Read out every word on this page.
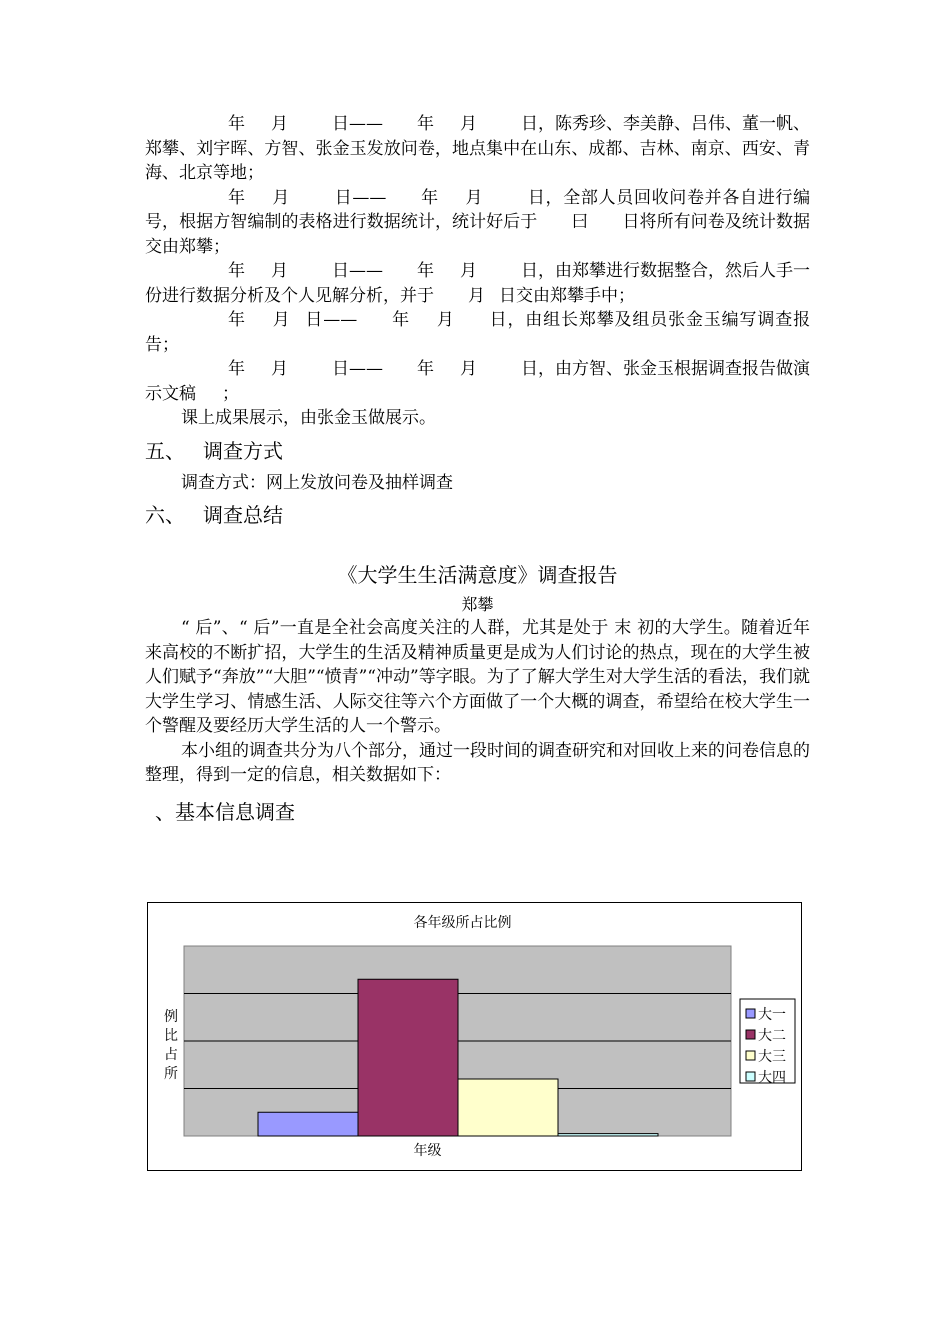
年 月	日—— 年 月	日，陈秀珍、李美静、吕伟、董一帆、郑攀、刘宇晖、方智、张金玉发放问卷，地点集中在山东、成都、吉林、南京、西安、青海、北京等地；

年 月	日—— 年 月	日，全部人员回收问卷并各自进行编号，根据方智编制的表格进行数据统计，统计好后于 曰 日将所有问卷及统计数据交由郑攀；

年 月	日—— 年 月	日，由郑攀进行数据整合，然后人手一份进行数据分析及个人见解分析，并于 月 日交由郑攀手中；

年 月 日—— 年 月 日，由组长郑攀及组员张金玉编写调查报告；

年 月	日—— 年 月	日，由方智、张金玉根据调查报告做演示文稿 ；

课上成果展示，由张金玉做展示。

五、 调查方式

调查方式：网上发放问卷及抽样调查

六、 调查总结
《大学生生活满意度》调查报告
郑攀

“ 后”、“ 后”一直是全社会高度关注的人群，尤其是处于 末 初的大学生。随着近年来高校的不断扩招，大学生的生活及精神质量更是成为人们讨论的热点，现在的大学生被人们赋予“奔放”“大胆”“愤青”“冲动”等字眼。为了了解大学生对大学生活的看法，我们就大学生学习、情感生活、人际交往等六个方面做了一个大概的调查，希望给在校大学生一个警醒及要经历大学生活的人一个警示。

本小组的调查共分为八个部分，通过一段时间的调查研究和对回收上来的问卷信息的整理，得到一定的信息，相关数据如下：

、基本信息调查
各年级所占比例
年级
例
比
占
所
大一
大二
大三
大四
